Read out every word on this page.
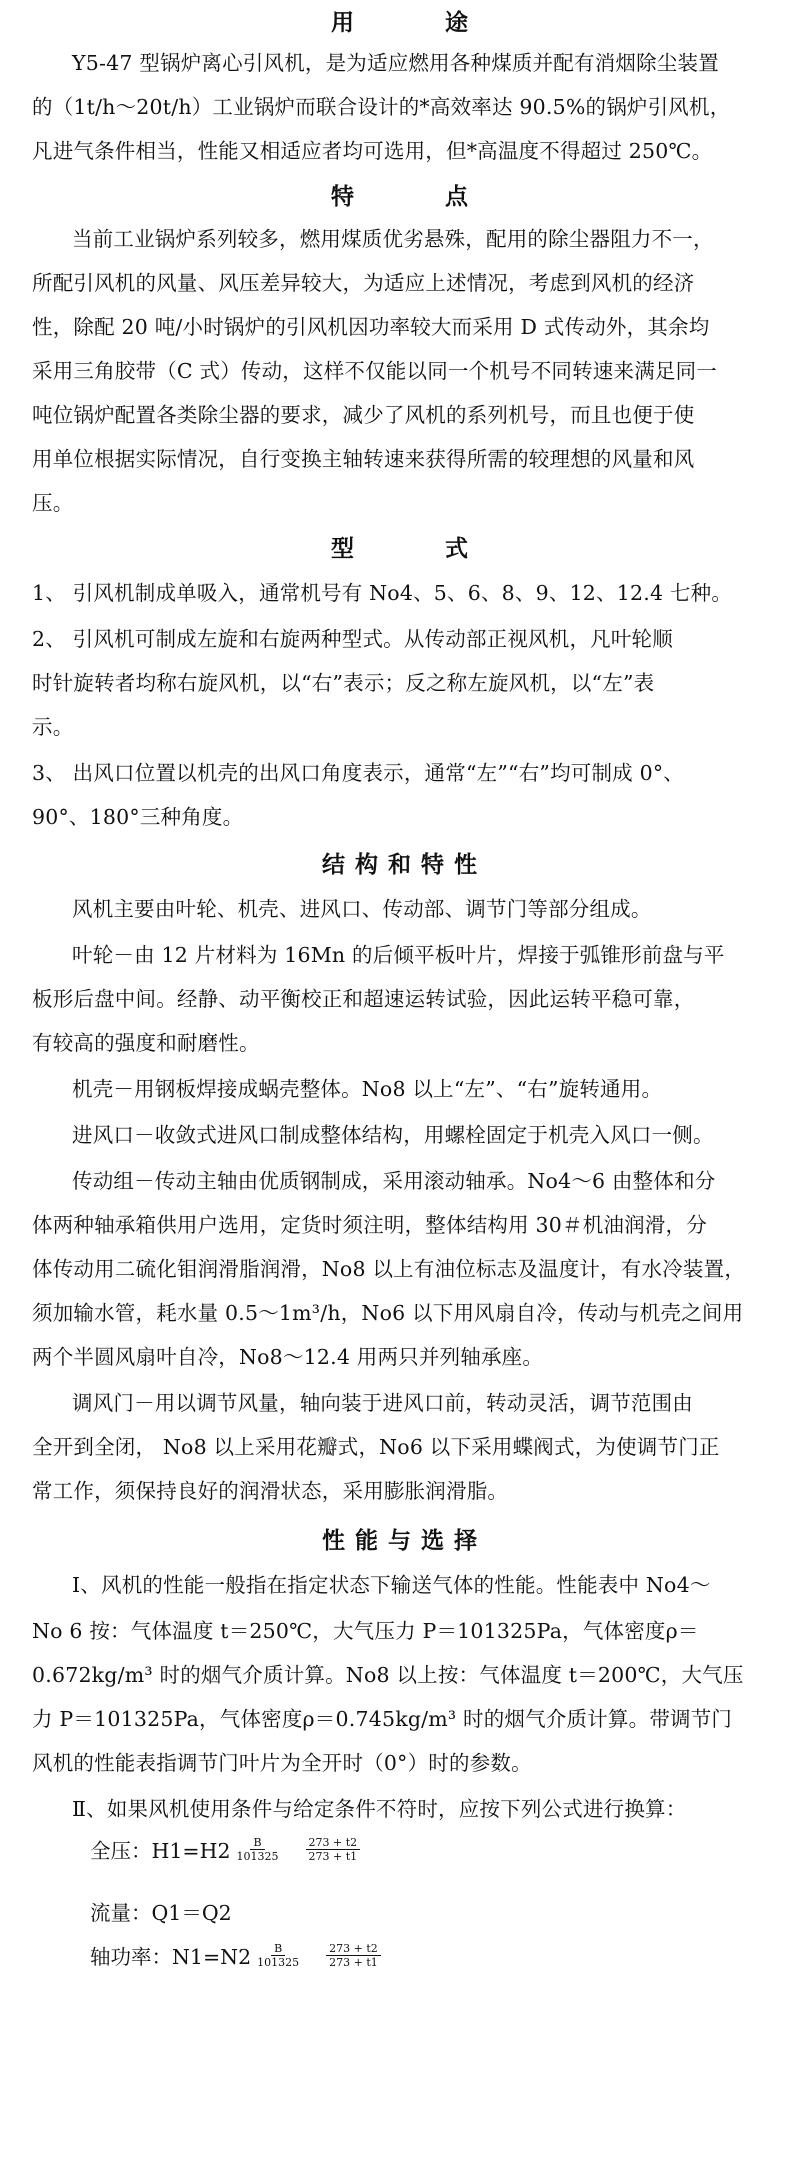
用          途
Y5-47 型锅炉离心引风机，是为适应燃用各种煤质并配有消烟除尘装置
的（1t/h～20t/h）工业锅炉而联合设计的*高效率达 90.5%的锅炉引风机，
凡进气条件相当，性能又相适应者均可选用，但*高温度不得超过 250℃。
特          点
当前工业锅炉系列较多，燃用煤质优劣悬殊，配用的除尘器阻力不一，
所配引风机的风量、风压差异较大，为适应上述情况，考虑到风机的经济
性，除配 20 吨/小时锅炉的引风机因功率较大而采用 D 式传动外，其余均
采用三角胶带（C 式）传动，这样不仅能以同一个机号不同转速来满足同一
吨位锅炉配置各类除尘器的要求，减少了风机的系列机号，而且也便于使
用单位根据实际情况，自行变换主轴转速来获得所需的较理想的风量和风
压。
型          式
1、 引风机制成单吸入，通常机号有 No4、5、6、8、9、12、12.4 七种。
2、 引风机可制成左旋和右旋两种型式。从传动部正视风机，凡叶轮顺
时针旋转者均称右旋风机，以“右”表示；反之称左旋风机，以“左”表
示。
3、 出风口位置以机壳的出风口角度表示，通常“左”“右”均可制成 0°、
90°、180°三种角度。
结 构 和 特 性
风机主要由叶轮、机壳、进风口、传动部、调节门等部分组成。
叶轮－由 12 片材料为 16Mn 的后倾平板叶片，焊接于弧锥形前盘与平
板形后盘中间。经静、动平衡校正和超速运转试验，因此运转平稳可靠，
有较高的强度和耐磨性。
机壳－用钢板焊接成蜗壳整体。No8 以上“左”、“右”旋转通用。
进风口－收敛式进风口制成整体结构，用螺栓固定于机壳入风口一侧。
传动组－传动主轴由优质钢制成，采用滚动轴承。No4～6 由整体和分
体两种轴承箱供用户选用，定货时须注明，整体结构用 30＃机油润滑，分
体传动用二硫化钼润滑脂润滑，No8 以上有油位标志及温度计，有水冷装置，
须加输水管，耗水量 0.5～1m³/h，No6 以下用风扇自冷，传动与机壳之间用
两个半圆风扇叶自冷，No8～12.4 用两只并列轴承座。
调风门－用以调节风量，轴向装于进风口前，转动灵活，调节范围由
全开到全闭， No8 以上采用花瓣式，No6 以下采用蝶阀式，为使调节门正
常工作，须保持良好的润滑状态，采用膨胀润滑脂。
性 能 与 选 择
Ⅰ、风机的性能一般指在指定状态下输送气体的性能。性能表中 No4～
No 6 按：气体温度 t＝250℃，大气压力 P＝101325Pa，气体密度ρ＝
0.672kg/m³ 时的烟气介质计算。No8 以上按：气体温度 t＝200℃，大气压
力 P＝101325Pa，气体密度ρ＝0.745kg/m³ 时的烟气介质计算。带调节门
风机的性能表指调节门叶片为全开时（0°）时的参数。
Ⅱ、如果风机使用条件与给定条件不符时，应按下列公式进行换算：
全压：$H1=H2 \frac{B}{101325} \frac{273 + t2}{273 + t1}$
流量：Q1＝Q2
轴功率：$N1=N2 \frac{B}{101325} \frac{273 + t2}{273 + t1}$
